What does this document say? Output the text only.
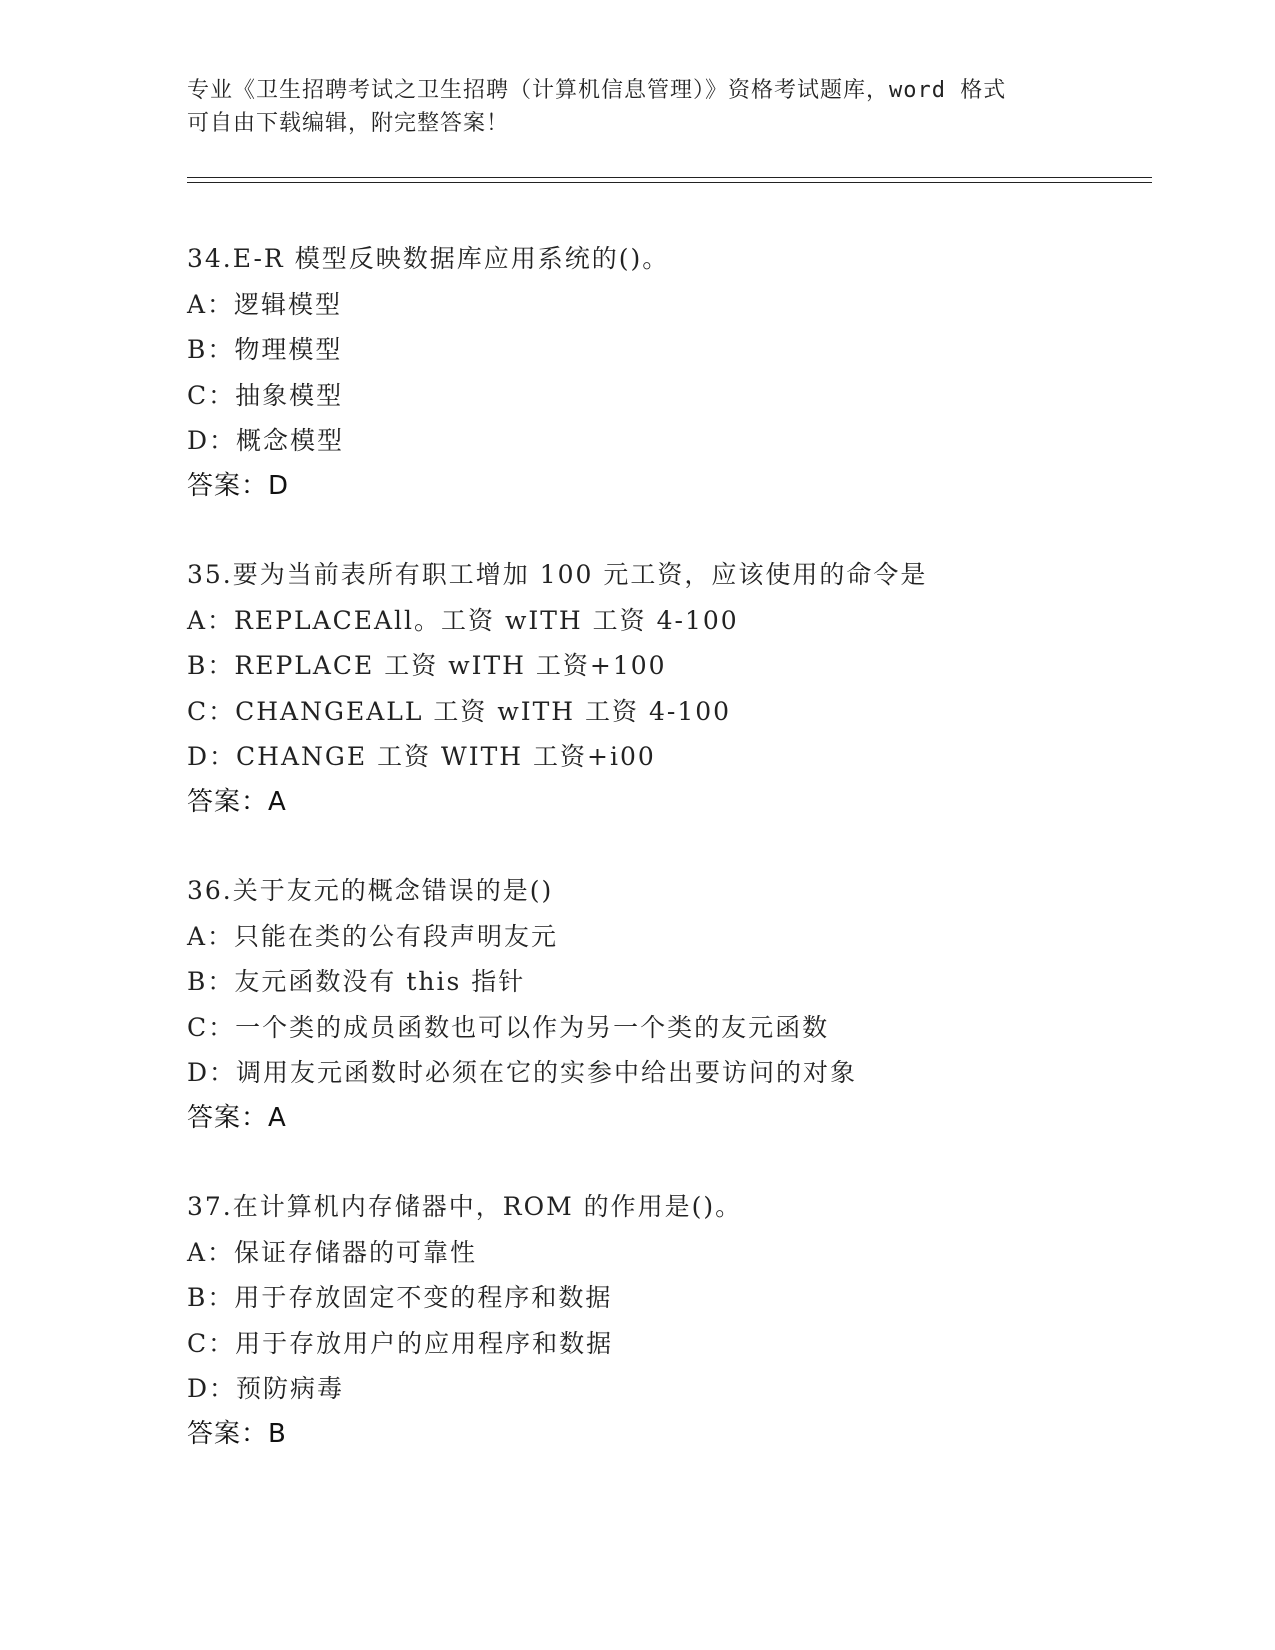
专业《卫生招聘考试之卫生招聘（计算机信息管理）》资格考试题库，word 格式
可自由下载编辑，附完整答案！
34.E-R 模型反映数据库应用系统的()。
A：逻辑模型
B：物理模型
C：抽象模型
D：概念模型
答案：D
35.要为当前表所有职工增加 100 元工资，应该使用的命令是
A：REPLACEAll。工资 wITH 工资 4-100
B：REPLACE 工资 wITH 工资+100
C：CHANGEALL 工资 wITH 工资 4-100
D：CHANGE 工资 WITH 工资+i00
答案：A
36.关于友元的概念错误的是()
A：只能在类的公有段声明友元
B：友元函数没有 this 指针
C：一个类的成员函数也可以作为另一个类的友元函数
D：调用友元函数时必须在它的实参中给出要访问的对象
答案：A
37.在计算机内存储器中，ROM 的作用是()。
A：保证存储器的可靠性
B：用于存放固定不变的程序和数据
C：用于存放用户的应用程序和数据
D：预防病毒
答案：B
